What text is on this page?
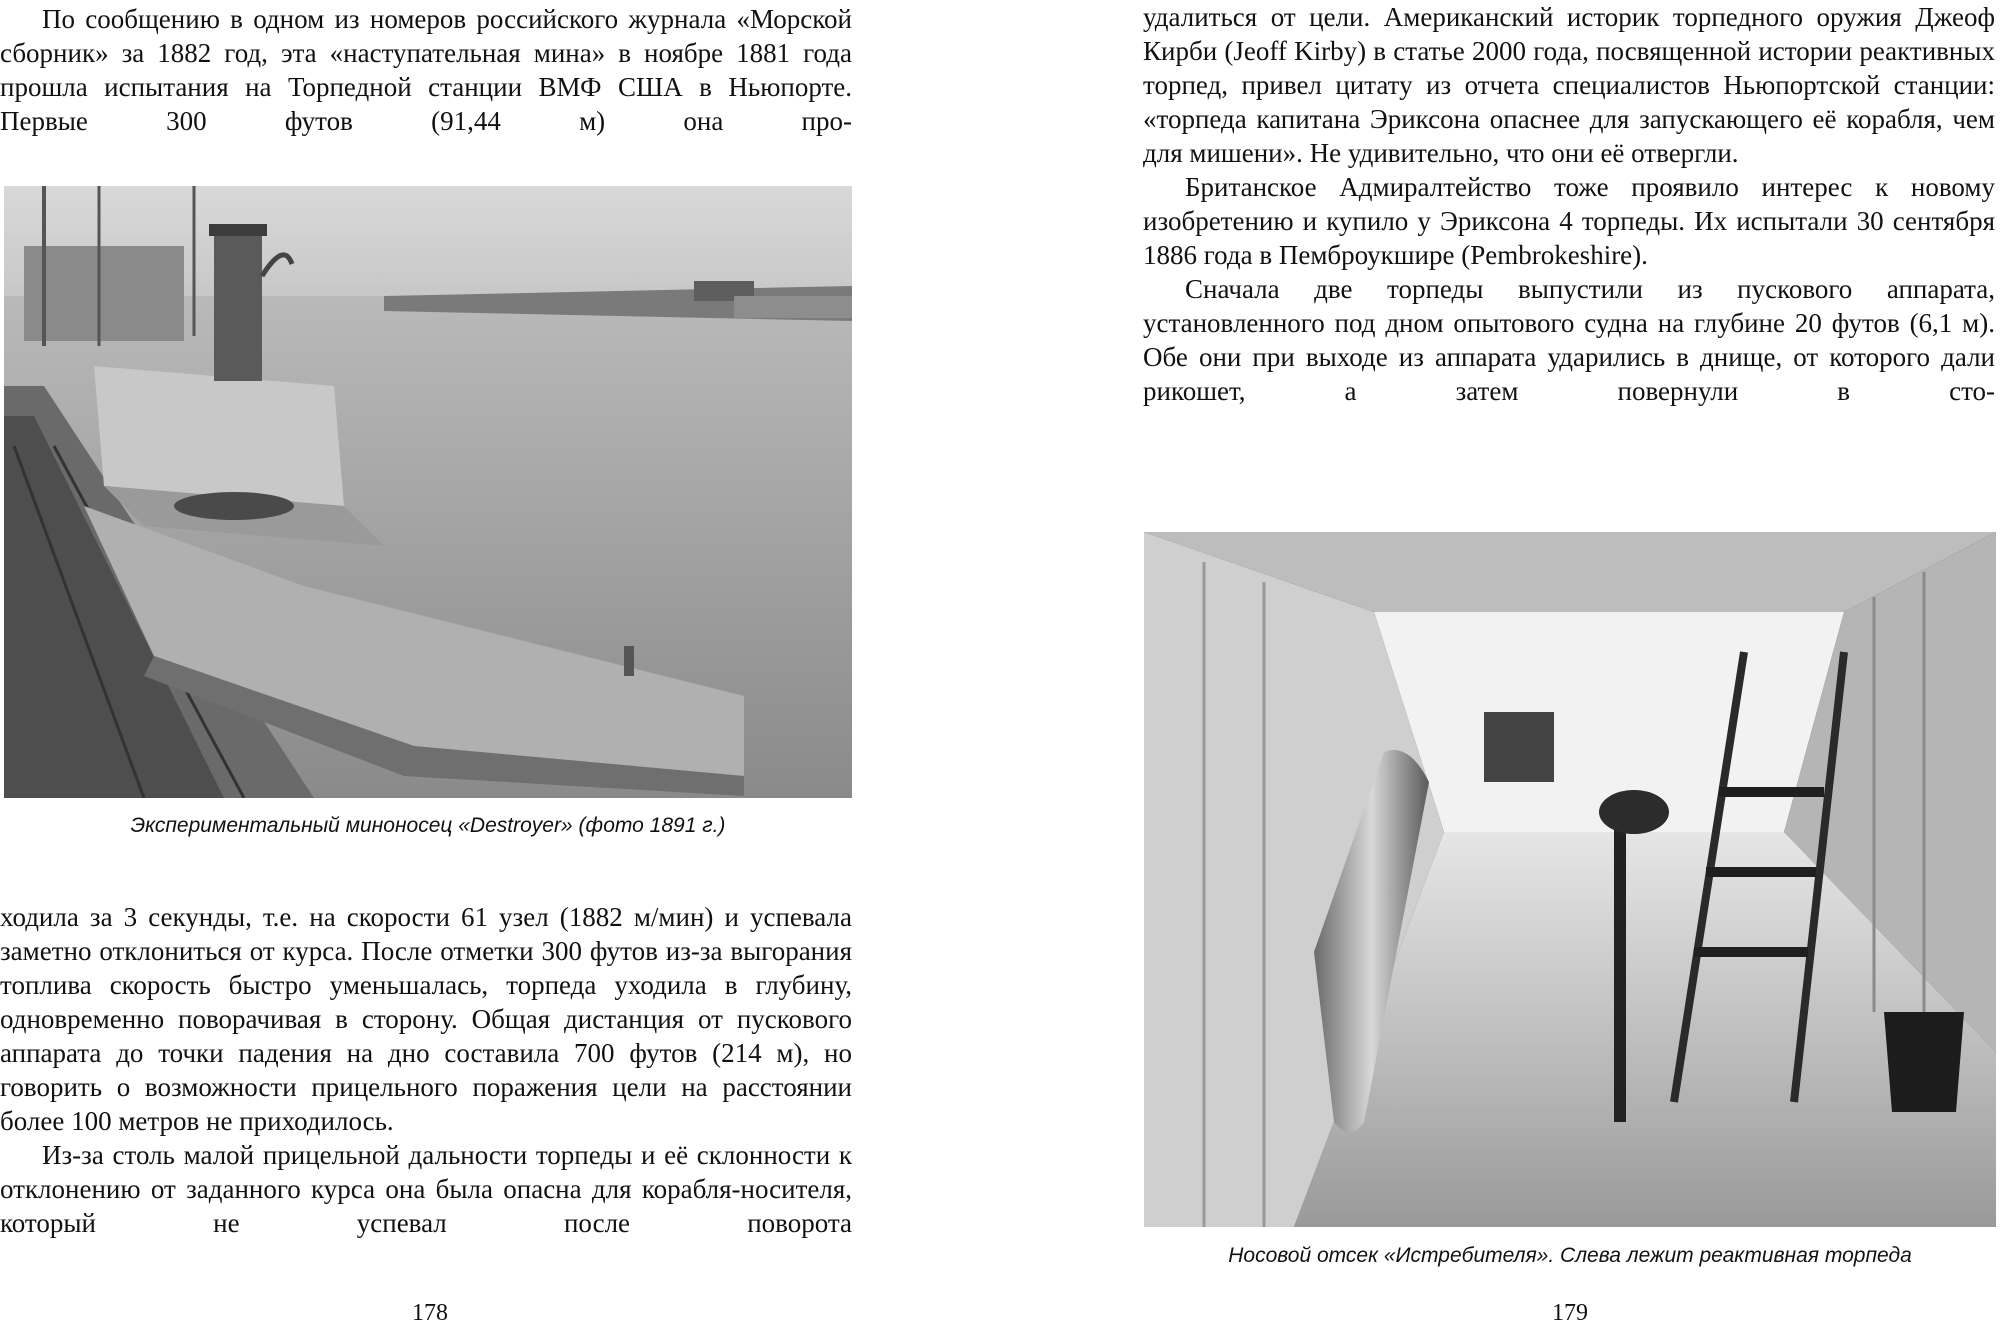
По сообщению в одном из номеров российского журнала «Морской сборник» за 1882 год, эта «наступательная мина» в ноябре 1881 года прошла испытания на Торпедной станции ВМФ США в Ньюпорте. Первые 300 футов (91,44 м) она про-

Экспериментальный миноносец «Destroyer» (фото 1891 г.)

ходила за 3 секунды, т.е. на скорости 61 узел (1882 м/мин) и успевала заметно отклониться от курса. После отметки 300 футов из-за выгорания топлива скорость быстро уменьшалась, торпеда уходила в глубину, одновременно поворачивая в сторону. Общая дистанция от пускового аппарата до точки падения на дно составила 700 футов (214 м), но говорить о возможности прицельного поражения цели на расстоянии более 100 метров не приходилось.

Из-за столь малой прицельной дальности торпеды и её склонности к отклонению от заданного курса она была опасна для корабля-носителя, который не успевал после поворота

178

удалиться от цели. Американский историк торпедного оружия Джеоф Кирби (Jeoff Kirby) в статье 2000 года, посвященной истории реактивных торпед, привел цитату из отчета специалистов Ньюпортской станции: «торпеда капитана Эриксона опаснее для запускающего её корабля, чем для мишени». Не удивительно, что они её отвергли.

Британское Адмиралтейство тоже проявило интерес к новому изобретению и купило у Эриксона 4 торпеды. Их испытали 30 сентября 1886 года в Пемброукшире (Pembrokeshire).

Сначала две торпеды выпустили из пускового аппарата, установленного под дном опытового судна на глубине 20 футов (6,1 м). Обе они при выходе из аппарата ударились в днище, от которого дали рикошет, а затем повернули в сто-

Носовой отсек «Истребителя». Слева лежит реактивная торпеда

179
